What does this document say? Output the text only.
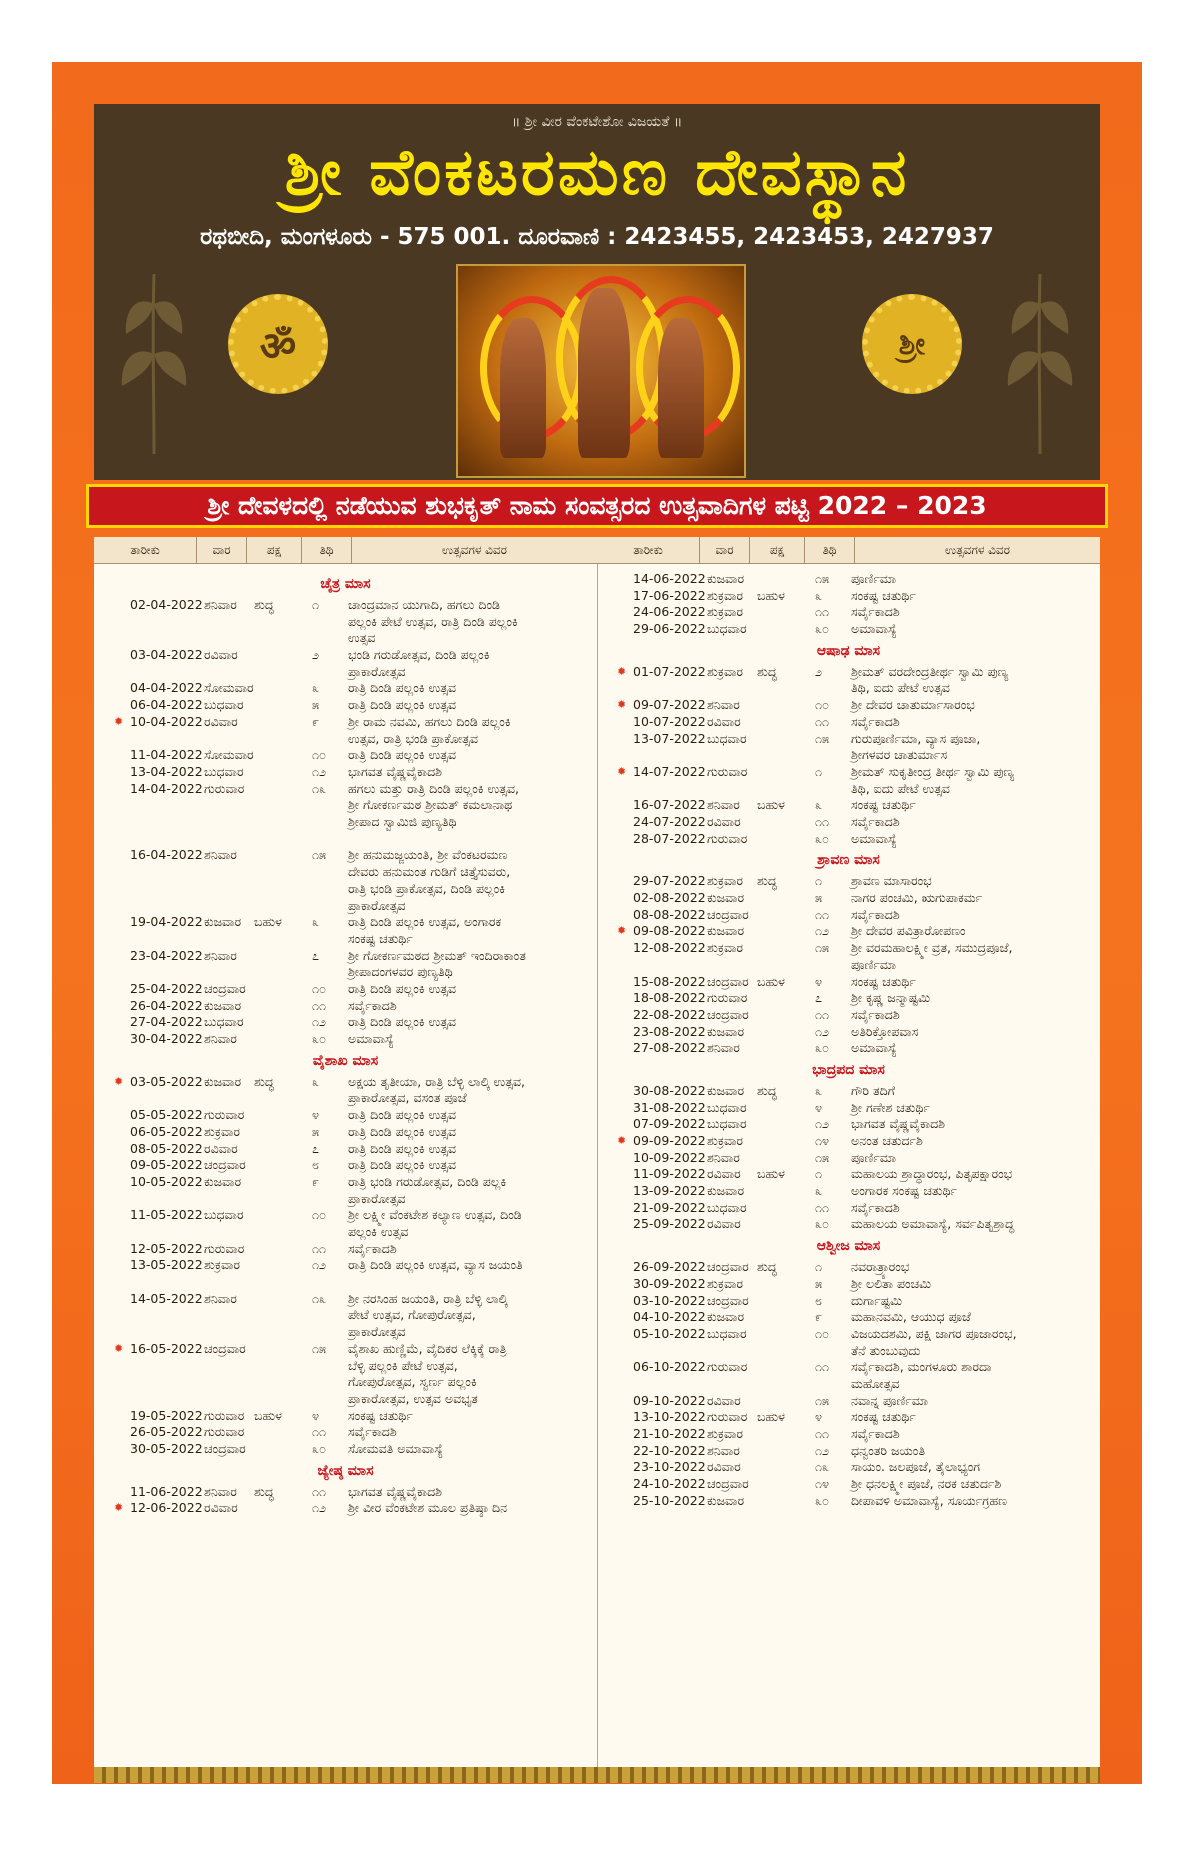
॥ ಶ್ರೀ ವೀರ ವೆಂಕಟೇಶೋ ವಿಜಯತೆ ॥
ಶ್ರೀ ವೆಂಕಟರಮಣ ದೇವಸ್ಥಾನ
ರಥಬೀದಿ, ಮಂಗಳೂರು - 575 001. ದೂರವಾಣಿ : 2423455, 2423453, 2427937
ॐ	ಶ್ರೀ
ಶ್ರೀ ದೇವಳದಲ್ಲಿ ನಡೆಯುವ ಶುಭಕೃತ್ ನಾಮ ಸಂವತ್ಸರದ ಉತ್ಸವಾದಿಗಳ ಪಟ್ಟಿ 2022 – 2023
ತಾರೀಕು	ವಾರ	ಪಕ್ಷ	ತಿಥಿ	ಉತ್ಸವಗಳ ವಿವರ
ಚೈತ್ರ ಮಾಸ
02-04-2022 ಶನಿವಾರ ಶುದ್ಧ	೧ ಚಾಂದ್ರಮಾನ ಯುಗಾದಿ, ಹಗಲು ದಿಂಡಿ ಪಲ್ಲಂಕಿ ಪೇಟೆ ಉತ್ಸವ, ರಾತ್ರಿ ದಿಂಡಿ ಪಲ್ಲಂಕಿ ಉತ್ಸವ
03-04-2022 ರವಿವಾರ	೨ ಭಂಡಿ ಗರುಡೋತ್ಸವ, ದಿಂಡಿ ಪಲ್ಲಂಕಿ ಪ್ರಾಕಾರೋತ್ಸವ
04-04-2022 ಸೋಮವಾರ	೩ ರಾತ್ರಿ ದಿಂಡಿ ಪಲ್ಲಂಕಿ ಉತ್ಸವ
06-04-2022 ಬುಧವಾರ	೫ ರಾತ್ರಿ ದಿಂಡಿ ಪಲ್ಲಂಕಿ ಉತ್ಸವ
✹ 10-04-2022 ರವಿವಾರ	೯ ಶ್ರೀ ರಾಮ ನವಮಿ, ಹಗಲು ದಿಂಡಿ ಪಲ್ಲಂಕಿ ಉತ್ಸವ, ರಾತ್ರಿ ಭಂಡಿ ಪ್ರಾಕೋತ್ಸವ
11-04-2022 ಸೋಮವಾರ	೧೦ ರಾತ್ರಿ ದಿಂಡಿ ಪಲ್ಲಂಕಿ ಉತ್ಸವ
13-04-2022 ಬುಧವಾರ	೧೨ ಭಾಗವತ ವೈಷ್ಣವೈಕಾದಶಿ
14-04-2022 ಗುರುವಾರ	೧೩ ಹಗಲು ಮತ್ತು ರಾತ್ರಿ ದಿಂಡಿ ಪಲ್ಲಂಕಿ ಉತ್ಸವ, ಶ್ರೀ ಗೋಕರ್ಣಮಠ ಶ್ರೀಮತ್ ಕಮಲಾನಾಥ ಶ್ರೀಪಾದ ಸ್ವಾಮಿಜಿ ಪುಣ್ಯತಿಥಿ
16-04-2022 ಶನಿವಾರ	೧೫ ಶ್ರೀ ಹನುಮಜ್ಜಯಂತಿ, ಶ್ರೀ ವೆಂಕಟರಮಣ ದೇವರು ಹನುಮಂತ ಗುಡಿಗೆ ಚಿತ್ತೈಸುವರು, ರಾತ್ರಿ ಭಂಡಿ ಪ್ರಾಕೋತ್ಸವ, ದಿಂಡಿ ಪಲ್ಲಂಕಿ ಪ್ರಾಕಾರೋತ್ಸವ
19-04-2022 ಕುಜವಾರ ಬಹುಳ ೩ ರಾತ್ರಿ ದಿಂಡಿ ಪಲ್ಲಂಕಿ ಉತ್ಸವ, ಅಂಗಾರಕ ಸಂಕಷ್ಟ ಚತುರ್ಥಿ
23-04-2022 ಶನಿವಾರ	೭ ಶ್ರೀ ಗೋಕರ್ಣಮಠದ ಶ್ರೀಮತ್ ಇಂದಿರಾಕಾಂತ ಶ್ರೀಪಾದಂಗಳವರ ಪುಣ್ಯತಿಥಿ
25-04-2022 ಚಂದ್ರವಾರ	೧೦ ರಾತ್ರಿ ದಿಂಡಿ ಪಲ್ಲಂಕಿ ಉತ್ಸವ
26-04-2022 ಕುಜವಾರ	೧೧ ಸರ್ವೈಕಾದಶಿ
27-04-2022 ಬುಧವಾರ	೧೨ ರಾತ್ರಿ ದಿಂಡಿ ಪಲ್ಲಂಕಿ ಉತ್ಸವ
30-04-2022 ಶನಿವಾರ	೩೦ ಅಮಾವಾಸ್ಯೆ
ವೈಶಾಖ ಮಾಸ
✹ 03-05-2022 ಕುಜವಾರ ಶುದ್ಧ	೩ ಅಕ್ಷಯ ತೃತೀಯಾ, ರಾತ್ರಿ ಬೆಳ್ಳಿ ಲಾಲ್ಕಿ ಉತ್ಸವ, ಪ್ರಾಕಾರೋತ್ಸವ, ವಸಂತ ಪೂಜೆ
05-05-2022 ಗುರುವಾರ	೪ ರಾತ್ರಿ ದಿಂಡಿ ಪಲ್ಲಂಕಿ ಉತ್ಸವ
06-05-2022 ಶುಕ್ರವಾರ	೫ ರಾತ್ರಿ ದಿಂಡಿ ಪಲ್ಲಂಕಿ ಉತ್ಸವ
08-05-2022 ರವಿವಾರ	೭ ರಾತ್ರಿ ದಿಂಡಿ ಪಲ್ಲಂಕಿ ಉತ್ಸವ
09-05-2022 ಚಂದ್ರವಾರ	೮ ರಾತ್ರಿ ದಿಂಡಿ ಪಲ್ಲಂಕಿ ಉತ್ಸವ
10-05-2022 ಕುಜವಾರ	೯ ರಾತ್ರಿ ಭಂಡಿ ಗರುಡೋತ್ಸವ, ದಿಂಡಿ ಪಲ್ಲಕಿ ಪ್ರಾಕಾರೋತ್ಸವ
11-05-2022 ಬುಧವಾರ	೧೦ ಶ್ರೀ ಲಕ್ಷ್ಮೀ ವೆಂಕಟೇಶ ಕಲ್ಯಾಣ ಉತ್ಸವ, ದಿಂಡಿ ಪಲ್ಲಂಕಿ ಉತ್ಸವ
12-05-2022 ಗುರುವಾರ	೧೧ ಸರ್ವೈಕಾದಶಿ
13-05-2022 ಶುಕ್ರವಾರ	೧೨ ರಾತ್ರಿ ದಿಂಡಿ ಪಲ್ಲಂಕಿ ಉತ್ಸವ, ವ್ಯಾಸ ಜಯಂತಿ
14-05-2022 ಶನಿವಾರ	೧೩ ಶ್ರೀ ನರಸಿಂಹ ಜಯಂತಿ, ರಾತ್ರಿ ಬೆಳ್ಳಿ ಲಾಲ್ಕಿ ಪೇಟೆ ಉತ್ಸವ, ಗೋಪುರೋತ್ಸವ, ಪ್ರಾಕಾರೋತ್ಸವ
✹ 16-05-2022 ಚಂದ್ರವಾರ	೧೫ ವೈಶಾಖ ಹುಣ್ಣಿಮೆ, ವೈದಿಕರ ಲೆಕ್ಕಿಕ್ಕೆ ರಾತ್ರಿ ಬೆಳ್ಳಿ ಪಲ್ಲಂಕಿ ಪೇಟೆ ಉತ್ಸವ, ಗೋಪುರೋತ್ಸವ, ಸ್ವರ್ಣ ಪಲ್ಲಂಕಿ ಪ್ರಾಕಾರೋತ್ಸವ, ಉತ್ಸವ ಅವಭೃತ
19-05-2022 ಗುರುವಾರ ಬಹುಳ ೪ ಸಂಕಷ್ಟ ಚತುರ್ಥಿ
26-05-2022 ಗುರುವಾರ	೧೧ ಸರ್ವೈಕಾದಶಿ
30-05-2022 ಚಂದ್ರವಾರ	೩೦ ಸೋಮವತಿ ಅಮಾವಾಸ್ಯೆ
ಜ್ಯೇಷ್ಠ ಮಾಸ
11-06-2022 ಶನಿವಾರ ಶುದ್ಧ	೧೧ ಭಾಗವತ ವೈಷ್ಣವೈಕಾದಶಿ
✹ 12-06-2022 ರವಿವಾರ	೧೨ ಶ್ರೀ ವೀರ ವೆಂಕಟೇಶ ಮೂಲ ಪ್ರತಿಷ್ಠಾ ದಿನ
ತಾರೀಕು	ವಾರ	ಪಕ್ಷ	ತಿಥಿ	ಉತ್ಸವಗಳ ವಿವರ
14-06-2022 ಕುಜವಾರ	೧೫ ಪೂರ್ಣಿಮಾ
17-06-2022 ಶುಕ್ರವಾರ ಬಹುಳ ೩ ಸಂಕಷ್ಟ ಚತುರ್ಥಿ
24-06-2022 ಶುಕ್ರವಾರ	೧೧ ಸರ್ವೈಕಾದಶಿ
29-06-2022 ಬುಧವಾರ	೩೦ ಅಮಾವಾಸ್ಯೆ
ಆಷಾಢ ಮಾಸ
✹ 01-07-2022 ಶುಕ್ರವಾರ ಶುದ್ಧ	೨ ಶ್ರೀಮತ್ ವರದೇಂದ್ರತೀರ್ಥ ಸ್ವಾಮಿ ಪುಣ್ಯ ತಿಥಿ, ಐದು ಪೇಟೆ ಉತ್ಸವ
✹ 09-07-2022 ಶನಿವಾರ	೧೦ ಶ್ರೀ ದೇವರ ಚಾತುರ್ಮಾಸಾರಂಭ
10-07-2022 ರವಿವಾರ	೧೧ ಸರ್ವೈಕಾದಶಿ
13-07-2022 ಬುಧವಾರ	೧೫ ಗುರುಪೂರ್ಣಿಮಾ, ವ್ಯಾಸ ಪೂಜಾ, ಶ್ರೀಗಳವರ ಚಾತುರ್ಮಾಸ
✹ 14-07-2022 ಗುರುವಾರ	೧ ಶ್ರೀಮತ್ ಸುಕೃತೀಂದ್ರ ತೀರ್ಥ ಸ್ವಾಮಿ ಪುಣ್ಯ ತಿಥಿ, ಐದು ಪೇಟೆ ಉತ್ಸವ
16-07-2022 ಶನಿವಾರ ಬಹುಳ ೩ ಸಂಕಷ್ಟ ಚತುರ್ಥಿ
24-07-2022 ರವಿವಾರ	೧೧ ಸರ್ವೈಕಾದಶಿ
28-07-2022 ಗುರುವಾರ	೩೦ ಅಮಾವಾಸ್ಯೆ
ಶ್ರಾವಣ ಮಾಸ
29-07-2022 ಶುಕ್ರವಾರ ಶುದ್ಧ	೧ ಶ್ರಾವಣ ಮಾಸಾರಂಭ
02-08-2022 ಕುಜವಾರ	೫ ನಾಗರ ಪಂಚಮಿ, ಋಗುಪಾಕರ್ಮ
08-08-2022 ಚಂದ್ರವಾರ	೧೧ ಸರ್ವೈಕಾದಶಿ
✹ 09-08-2022 ಕುಜವಾರ	೧೨ ಶ್ರೀ ದೇವರ ಪವಿತ್ರಾರೋಪಣಂ
12-08-2022 ಶುಕ್ರವಾರ	೧೫ ಶ್ರೀ ವರಮಹಾಲಕ್ಷ್ಮೀ ವ್ರತ, ಸಮುದ್ರಪೂಜೆ, ಪೂರ್ಣಿಮಾ
15-08-2022 ಚಂದ್ರವಾರ ಬಹುಳ ೪ ಸಂಕಷ್ಟ ಚತುರ್ಥಿ
18-08-2022 ಗುರುವಾರ	೭ ಶ್ರೀ ಕೃಷ್ಣ ಜನ್ಮಾಷ್ಟಮಿ
22-08-2022 ಚಂದ್ರವಾರ	೧೧ ಸರ್ವೈಕಾದಶಿ
23-08-2022 ಕುಜವಾರ	೧೨ ಅತಿರಿಕ್ತೋಪವಾಸ
27-08-2022 ಶನಿವಾರ	೩೦ ಅಮಾವಾಸ್ಯೆ
ಭಾದ್ರಪದ ಮಾಸ
30-08-2022 ಕುಜವಾರ ಶುದ್ಧ	೩ ಗೌರಿ ತದಿಗೆ
31-08-2022 ಬುಧವಾರ	೪ ಶ್ರೀ ಗಣೇಶ ಚತುರ್ಥಿ
07-09-2022 ಬುಧವಾರ	೧೨ ಭಾಗವತ ವೈಷ್ಣವೈಕಾದಶಿ
✹ 09-09-2022 ಶುಕ್ರವಾರ	೧೪ ಅನಂತ ಚತುರ್ದಶಿ
10-09-2022 ಶನಿವಾರ	೧೫ ಪೂರ್ಣಿಮಾ
11-09-2022 ರವಿವಾರ ಬಹುಳ ೧ ಮಹಾಲಯ ಶ್ರಾದ್ಧಾರಂಭ, ಪಿತೃಪಕ್ಷಾರಂಭ
13-09-2022 ಕುಜವಾರ	೩ ಅಂಗಾರಕ ಸಂಕಷ್ಟ ಚತುರ್ಥಿ
21-09-2022 ಬುಧವಾರ	೧೧ ಸರ್ವೈಕಾದಶಿ
25-09-2022 ರವಿವಾರ	೩೦ ಮಹಾಲಯ ಅಮಾವಾಸ್ಯೆ, ಸರ್ವಪಿತೃಶ್ರಾದ್ಧ
ಆಶ್ವೀಜ ಮಾಸ
26-09-2022 ಚಂದ್ರವಾರ ಶುದ್ಧ	೧ ನವರಾತ್ರ್ಯಾರಂಭ
30-09-2022 ಶುಕ್ರವಾರ	೫ ಶ್ರೀ ಲಲಿತಾ ಪಂಚಮಿ
03-10-2022 ಚಂದ್ರವಾರ	೮ ದುರ್ಗಾಷ್ಟಮಿ
04-10-2022 ಕುಜವಾರ	೯ ಮಹಾನವಮಿ, ಆಯುಧ ಪೂಜೆ
05-10-2022 ಬುಧವಾರ	೧೦ ವಿಜಯದಶಮಿ, ಪಕ್ಷಿ ಜಾಗರ ಪೂಜಾರಂಭ, ತೆನೆ ತುಂಬುವುದು
06-10-2022 ಗುರುವಾರ	೧೧ ಸರ್ವೈಕಾದಶಿ, ಮಂಗಳೂರು ಶಾರದಾ ಮಹೋತ್ಸವ
09-10-2022 ರವಿವಾರ	೧೫ ನವಾನ್ನ ಪೂರ್ಣಿಮಾ
13-10-2022 ಗುರುವಾರ ಬಹುಳ ೪ ಸಂಕಷ್ಟ ಚತುರ್ಥಿ
21-10-2022 ಶುಕ್ರವಾರ	೧೧ ಸರ್ವೈಕಾದಶಿ
22-10-2022 ಶನಿವಾರ	೧೨ ಧನ್ವಂತರಿ ಜಯಂತಿ
23-10-2022 ರವಿವಾರ	೧೩ ಸಾಯಂ. ಜಲಪೂಜೆ, ತೈಲಾಭ್ಯಂಗ
24-10-2022 ಚಂದ್ರವಾರ	೧೪ ಶ್ರೀ ಧನಲಕ್ಷ್ಮೀ ಪೂಜೆ, ನರಕ ಚತುರ್ದಶಿ
25-10-2022 ಕುಜವಾರ	೩೦ ದೀಪಾವಳಿ ಅಮಾವಾಸ್ಯೆ, ಸೂರ್ಯಗ್ರಹಣ
